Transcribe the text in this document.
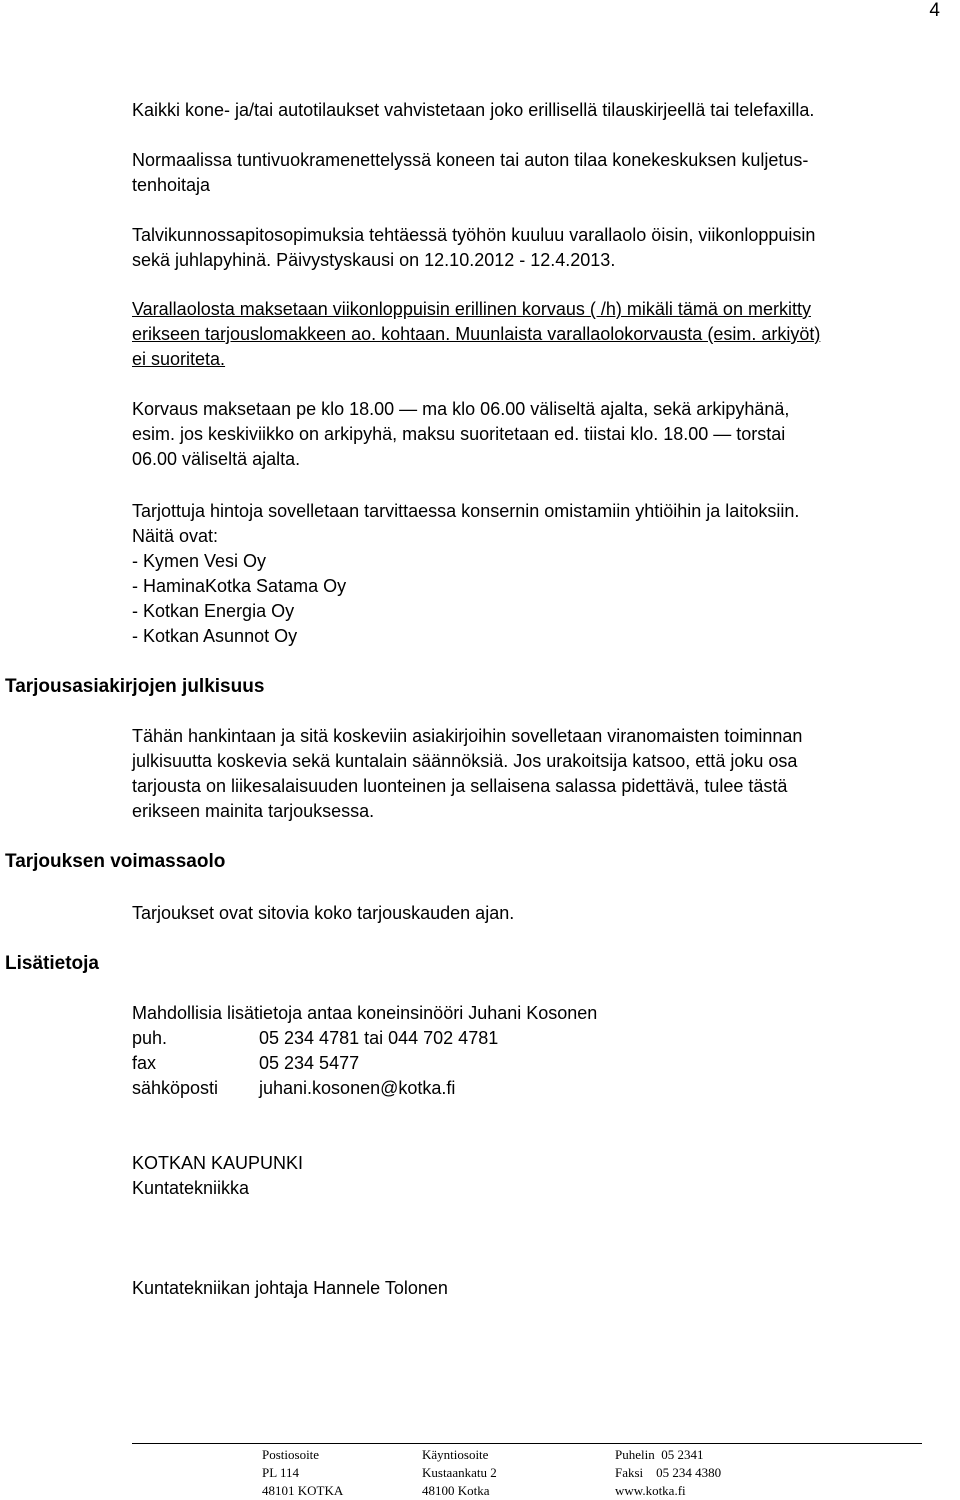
4
Kaikki kone- ja/tai autotilaukset vahvistetaan joko erillisellä tilauskirjeellä tai telefaxilla.
Normaalissa tuntivuokramenettelyssä koneen tai auton tilaa konekeskuksen kuljetus-
tenhoitaja
Talvikunnossapitosopimuksia tehtäessä työhön kuuluu varallaolo öisin, viikonloppuisin
sekä juhlapyhinä. Päivystyskausi on 12.10.2012 - 12.4.2013.
Varallaolosta maksetaan viikonloppuisin erillinen korvaus ( /h) mikäli tämä on merkitty
erikseen tarjouslomakkeen ao. kohtaan. Muunlaista varallaolokorvausta (esim. arkiyöt)
ei suoriteta.
Korvaus maksetaan pe klo 18.00 — ma klo 06.00 väliseltä ajalta, sekä arkipyhänä,
esim. jos keskiviikko on arkipyhä, maksu suoritetaan ed. tiistai klo. 18.00 — torstai
06.00 väliseltä ajalta.
Tarjottuja hintoja sovelletaan tarvittaessa konsernin omistamiin yhtiöihin ja laitoksiin.
Näitä ovat:
- Kymen Vesi Oy
- HaminaKotka Satama Oy
- Kotkan Energia Oy
- Kotkan Asunnot Oy
Tarjousasiakirjojen julkisuus
Tähän hankintaan ja sitä koskeviin asiakirjoihin sovelletaan viranomaisten toiminnan
julkisuutta koskevia sekä kuntalain säännöksiä. Jos urakoitsija katsoo, että joku osa
tarjousta on liikesalaisuuden luonteinen ja sellaisena salassa pidettävä, tulee tästä
erikseen mainita tarjouksessa.
Tarjouksen voimassaolo
Tarjoukset ovat sitovia koko tarjouskauden ajan.
Lisätietoja
Mahdollisia lisätietoja antaa koneinsinööri Juhani Kosonen
puh.	05 234 4781 tai 044 702 4781
fax	05 234 5477
sähköposti	juhani.kosonen@kotka.fi
KOTKAN KAUPUNKI
Kuntatekniikka
Kuntatekniikan johtaja Hannele Tolonen
Postiosoite
PL 114
48101 KOTKA
Käyntiosoite
Kustaankatu 2
48100 Kotka
Puhelin  05 2341
Faksi    05 234 4380
www.kotka.fi
